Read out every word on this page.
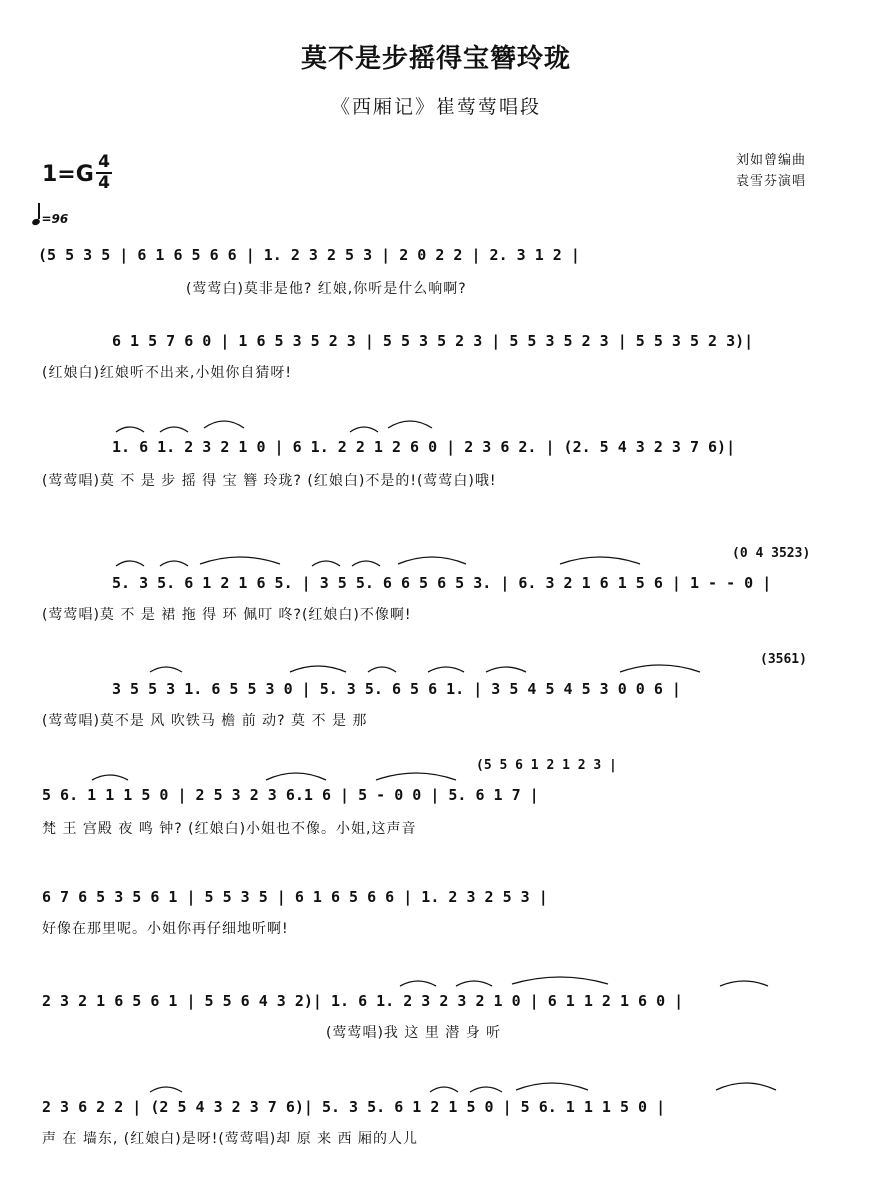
莫不是步摇得宝簪玲珑
《西厢记》崔莺莺唱段
1=G 4
4
刘如曾编曲
袁雪芬演唱
=96
(5 5 3 5 | 6 1 6 5 6 6 | 1. 2 3 2 5 3 | 2 0 2 2 | 2. 3 1 2 |
(莺莺白)莫非是他? 红娘,你听是什么响啊?
6 1 5 7 6 0 | 1 6 5 3 5 2 3 | 5 5 3 5 2 3 | 5 5 3 5 2 3 | 5 5 3 5 2 3)|
(红娘白)红娘听不出来,小姐你自猜呀!
1. 6 1. 2 3 2 1 0 | 6 1. 2 2 1 2 6 0 | 2 3 6 2. | (2. 5 4 3 2 3 7 6)|
(莺莺唱)莫 不 是 步 摇 得 宝 簪 玲珑? (红娘白)不是的!(莺莺白)哦!
(0 4 3523)
5. 3 5. 6 1 2 1 6 5. | 3 5 5. 6 6 5 6 5 3. | 6. 3 2 1 6 1 5 6 | 1 - - 0 |
(莺莺唱)莫 不 是 裙 拖 得 环 佩叮 咚?(红娘白)不像啊!
(3561)
3 5 5 3 1. 6 5 5 3 0 | 5. 3 5. 6 5 6 1. | 3 5 4 5 4 5 3 0 0 6 |
(莺莺唱)莫不是 风 吹铁马 檐 前 动? 莫 不 是 那
(5 5 6 1 2 1 2 3 |
5 6. 1 1 1 5 0 | 2 5 3 2 3 6.1 6 | 5 - 0 0 | 5. 6 1 7 |
梵 王 宫殿 夜 鸣 钟? (红娘白)小姐也不像。小姐,这声音
6 7 6 5 3 5 6 1 | 5 5 3 5 | 6 1 6 5 6 6 | 1. 2 3 2 5 3 |
好像在那里呢。小姐你再仔细地听啊!
2 3 2 1 6 5 6 1 | 5 5 6 4 3 2)| 1. 6 1. 2 3 2 3 2 1 0 | 6 1 1 2 1 6 0 |
(莺莺唱)我 这 里 潜 身 听
2 3 6 2 2 | (2 5 4 3 2 3 7 6)| 5. 3 5. 6 1 2 1 5 0 | 5 6. 1 1 1 5 0 |
声 在 墙东, (红娘白)是呀!(莺莺唱)却 原 来 西 厢的人儿
